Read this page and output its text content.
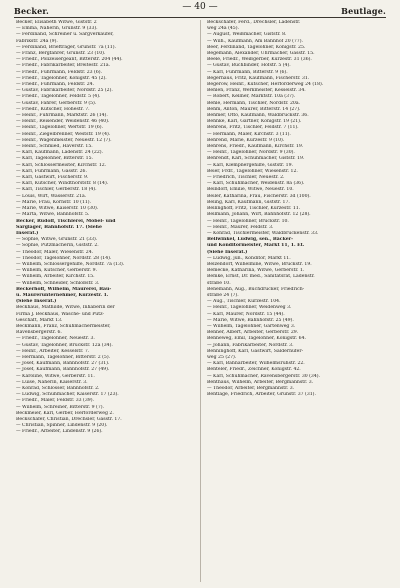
Becker.	— 40 —	Beutlage.
Becker, Elisabeth Witwe, Giststr. 2
— Emma, Näherin, Grünstr. 9 (33).
— Ferdinand, Schreiner u. Sargverkäufer,
Fabrikstr. 24a (9).
— Ferdinand, Briefträger, Grünstr. 7a (11).
— Franz, Bergfahrer, Grünstr. 23 (10).
— Friedr., Polizeisergeant, Bitterstr. 204 (44).
— Friedr., Fabrikarbeiter, Breitestr. 21a.
— Friedr., Fuhrmann, Feldstr. 23 (6).
— Friedr., Tagelöhner, Königstr. 45 (2).
— Friedr., Fuhrmann, Feldstr. 24.
— Gustav, Fabrikarbeiter, Nordstr. 25 (2).
— Friedr., Tagelöhner, Feldstr. 5 (4).
— Gustav, Fahrer, Gerberstr. 9 (5).
— Friedr., Kutscher, Hohestr. 7.
— Heinr., Fuhrmann, Marktstr. 26 (14).
— Heinr., Reisender, Weidenstr. 46 (40).
— Heinr., Tagelöhner, Wertstr. 19 (6).
— Heinr., Ziegelbrenner, Weststr. 19 (4).
— Heinr., Wagenmeister, Neuestr. 12 (7).
— Heinr., Schmied, Haverstr. 15.
— Karl, Kaufmann, Ladenstr. 24 (22).
— Karl, Tagelöhner, Bitterstr. 15.
— Karl, Schlossermeister, Kirchstr. 12.
— Karl, Fuhrmann, Gasstr. 26.
— Karl, Gastwirt, Fischerstr. 9.
— Karl, Kutscher, Windthorststr. 8 (14).
— Karl, Tischler, Gerberstr. 18 (4).
— Louis, Wirt, Wasserstr. 21a.
— Marie, Frau, Kornstr. 10 (11).
— Marie, Witwe, Kaiserstr. 10 (30).
— Marta, Witwe, Bahnhofstr. 5.
Becker, Rudolf, Tischlerei, Möbel- und
Sarglager, Bahnhofstr. 17. (Siehe
Inserat.)
— Sophie, Witwe, Grünstr. 21 (33).
— Sophie, Putzmacherin, Giststr. 2.
— Theodor, Maler, Wiesenstr. 24.
— Theodor, Tagelöhner, Nordstr. 28 (14).
— Wilhelm, Schlossergehilfe, Nordstr. 7a (13).
— Wilhelm, Kutscher, Gerberstr. 9.
— Wilhelm, Arbeiter, Kirchstr. 15.
— Wilhelm, Schneider, Schloßstr. 3.
Beckerhoff, Wilhelm, Maurerei, Bau-
u. Maurerunternehmer, Kurzestr. 1.
(Siehe Inserat.)
Beckhaus, Mathilde, Witwe, Inhaberin der
Firma J. Beckhaus, Wäsche- und Putz-
Geschäft, Markt 13.
Beckmann, Franz, Schuhmachermeister,
Ravensbergerstr. 6.
— Friedr., Tagelöhner, Neuestr. 3.
— Gustav, Tagelöhner, Brückstr. 12a (34).
— Heinr., Arbeiter, Kesselstr. 7.
— Hermann, Tagelöhner, Bitterstr. 2 (5).
— Josef, Kaufmann, Bahnhofstr. 27 (31).
— Josef, Kaufmann, Bahnhofstr. 27 (49).
— Karoline, Witwe, Gerberstr. 11.
— Luise, Näherin, Kaiserstr. 3.
— Konrad, Schlosser, Bahnhofstr. 2.
— Ludwig, Schuhmacher, Kaiserstr. 17 (23).
— Friedr., Maler, Feldstr. 33 (39).
— Wilhelm, Schreiner, Bitterstr. 9 (7).
Beckmeier, Karl, Gerber, Herforderweg 2.
Beckschäfer, Christian, Drechsler, Gasstr. 17.
— Christian, Spinner, Lindenstr. 9 (20).
— Friedr., Arbeiter, Lindenstr. 9 (26).
Beckschäfer, Ferd., Drechsler, Ladenstr.
weg 24a (45).
— August, Weißmacher, Giststr. 8.
— Wilh., Kaufmann, Am Bahnhof 20 (77).
Beer, Ferdinand, Tagelöhner, Königstr. 25.
Begemann, Alexander, Uhrmacher, Gasstr. 15.
Beele, Friedr., Weißgerber, Kurzestr. 31 (36).
— Gustav, Buchbinder, Hofstr. 5 (4).
— Karl, Fuhrmann, Bitterstr. 9 (6).
Begerhaus, Fritz, Kaufmann, Fischerstr. 31.
Begerow, Heinr., Kutscher, Herforderweg 24 (18).
Behlen, Franz, Werkmeister, Kesselstr. 34.
— Robert, Kellner, Marktstr. 10a (37).
Behle, Hermann, Tischler, Nordstr. 20a.
Behm, Anton, Maurer, Bitterstr. 14 (27).
Behmer, Otto, Kaufmann, Waldbrückstr. 36.
Behnke, Karl, Gärtner, Königstr. 19 (21).
Behrens, Fritz, Tischler, Feldstr. 7 (11).
— Hermann, Maler, Kirchstr. 3 (11).
Behrend, Marie, Kurzestr. 9 (10).
Behrens, Friedr., Kaufmann, Kirchstr. 19.
— Heinr., Tagelöhner, Nordstr. 9 (30).
Behrendt, Karl, Schuhmacher, Giststr. 19.
— Karl, Klempnergehilfe, Giststr. 19.
Beier, Frdr., Tagelöhner, Wiesenstr. 12.
— Friedrich, Tischler, Neuestr. 2.
— Karl, Schuhmacher, Weidenstr. 8a (36).
Beindorf, Emilie, Witwe, Neuestr. 10.
Beiler, Katharina, Frau, Fischerstr. 3d (100).
Beling, Karl, Kaufmann, Giststr. 17.
Bellinghoff, Fritz, Tischler, Kurzestr. 11.
Bellmann, Johann, Wirt, Bahnhofstr. 12 (28).
— Heinr., Tagelöhner, Brückstr. 10.
— Heinr., Maurer, Feldstr. 3.
— Konrad, Tischlermeister, Waldbrückenstr. 33.
Bellwinkel, Ludwig, sen., Bäcker-
und Konditormeister, Markt 11, 1. Et.
(Siehe Inserat.)
— Ludwig, jun., Konditor, Markt 11.
Belzendorf, Wilhelmine, Witwe, Brückstr. 19.
Bemecke, Katharina, Witwe, Gerberstr. 1.
Bemke, Ernst, Dr. med., Sanitätsrat, Ladenstr.
straße 10.
Benemann, Aug., Buchdrucker, Friedrich-
straße 24 (7).
— Aug., Tischler, Kurzestr. 104.
— Heinr., Tagelöhner, Weidenweg 3.
— Karl, Maurer, Nordstr. 15 (44).
— Marie, Witwe, Bahnhofstr. 25 (49).
— Wilhelm, Tagelöhner, Gartenweg 3.
Benner, Albert, Arbeiter, Gerberstr. 29.
Benneweg, Emil, Tagelöhner, Königstr. 64.
— Johann, Fabrikarbeiter, Nordstr. 3.
Benninghoff, Karl, Gastwirt, Saldernufer-
weg 25 (27).
— Karl, Bahnarbeiter, Wilhelmsruhstr. 22.
Benteler, Friedr., Zeichner, Königstr. 42.
— Karl, Schuhmacher, Ravensbergerstr. 30 (34).
Benthaus, Wilhelm, Arbeiter, Bergmannstr. 3.
— Theodor, Arbeiter, Bergmannstr. 3.
Bentlage, Friedrich, Arbeiter, Grünstr. 37 (31).
